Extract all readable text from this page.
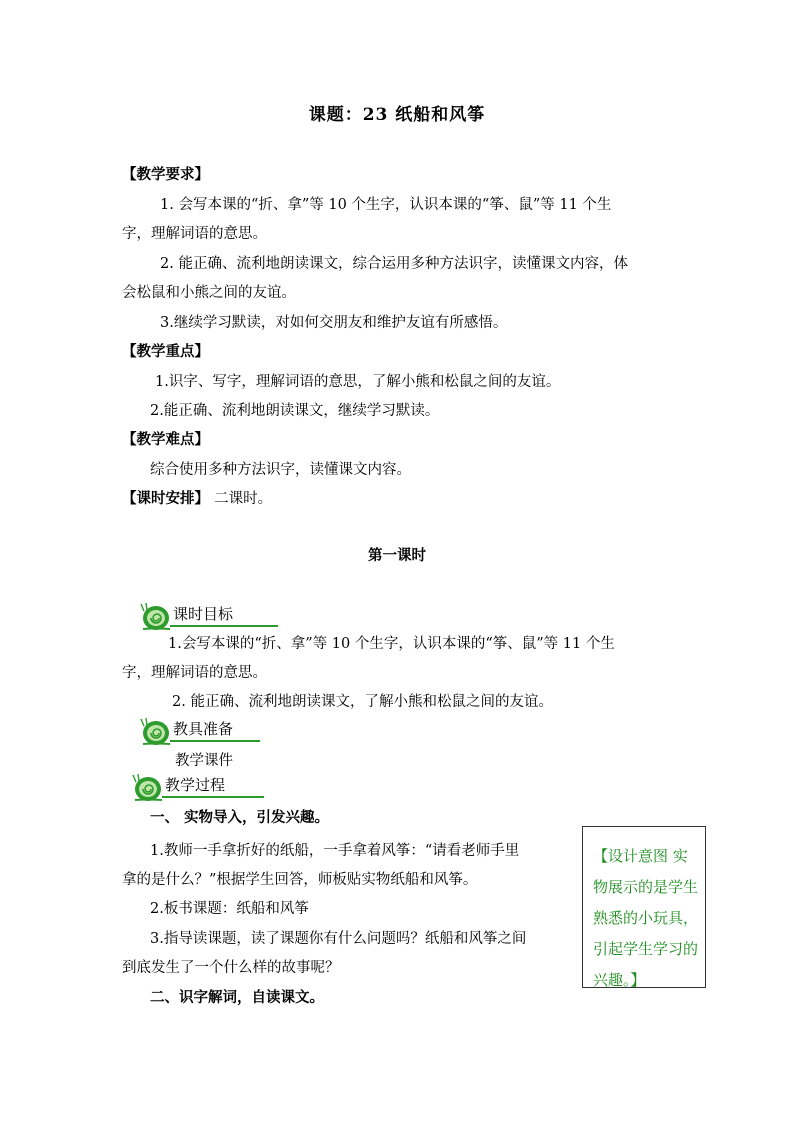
课题：23 纸船和风筝
【教学要求】
1. 会写本课的“折、拿”等 10 个生字，认识本课的“筝、鼠”等 11 个生
字，理解词语的意思。
2. 能正确、流利地朗读课文，综合运用多种方法识字，读懂课文内容，体
会松鼠和小熊之间的友谊。
3.继续学习默读，对如何交朋友和维护友谊有所感悟。
【教学重点】
1.识字、写字，理解词语的意思，了解小熊和松鼠之间的友谊。
2.能正确、流利地朗读课文，继续学习默读。
【教学难点】
综合使用多种方法识字，读懂课文内容。
【课时安排】 二课时。
第一课时
课时目标
1.会写本课的“折、拿”等 10 个生字，认识本课的“筝、鼠”等 11 个生
字，理解词语的意思。
2. 能正确、流利地朗读课文，了解小熊和松鼠之间的友谊。
教具准备
教学课件
教学过程
一、 实物导入，引发兴趣。
1.教师一手拿折好的纸船，一手拿着风筝：“请看老师手里
拿的是什么？”根据学生回答，师板贴实物纸船和风筝。
2.板书课题：纸船和风筝
3.指导读课题，读了课题你有什么问题吗？纸船和风筝之间
到底发生了一个什么样的故事呢？
二、识字解词，自读课文。
【设计意图 实物展示的是学生熟悉的小玩具，引起学生学习的兴趣。】
